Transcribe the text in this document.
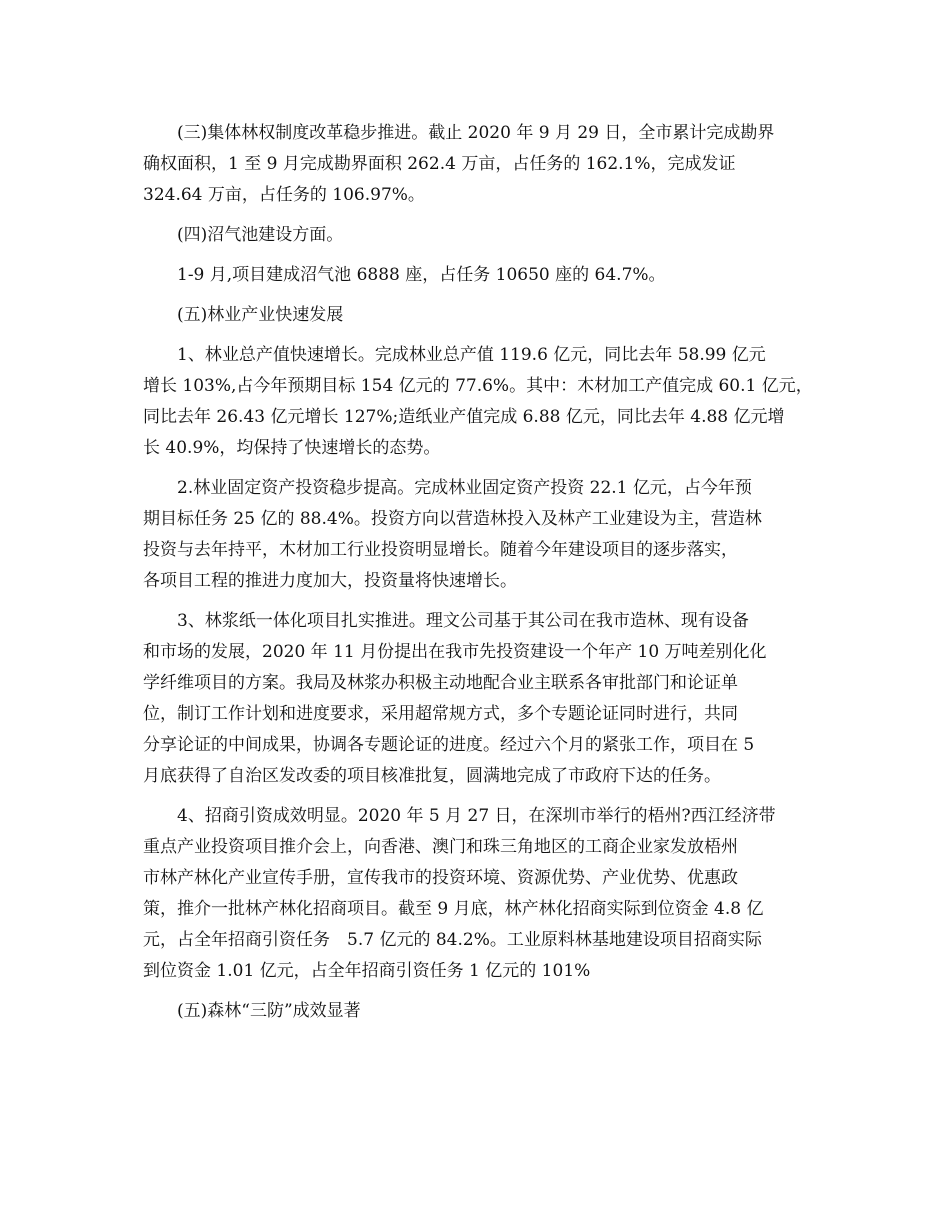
(三)集体林权制度改革稳步推进。截止 2020 年 9 月 29 日，全市累计完成勘界
确权面积，1 至 9 月完成勘界面积 262.4 万亩，占任务的 162.1%，完成发证
324.64 万亩，占任务的 106.97%。
(四)沼气池建设方面。
1-9 月,项目建成沼气池 6888 座，占任务 10650 座的 64.7%。
(五)林业产业快速发展
1、林业总产值快速增长。完成林业总产值 119.6 亿元，同比去年 58.99 亿元
增长 103%,占今年预期目标 154 亿元的 77.6%。其中：木材加工产值完成 60.1 亿元，
同比去年 26.43 亿元增长 127%;造纸业产值完成 6.88 亿元，同比去年 4.88 亿元增
长 40.9%，均保持了快速增长的态势。
2.林业固定资产投资稳步提高。完成林业固定资产投资 22.1 亿元，占今年预
期目标任务 25 亿的 88.4%。投资方向以营造林投入及林产工业建设为主，营造林
投资与去年持平，木材加工行业投资明显增长。随着今年建设项目的逐步落实，
各项目工程的推进力度加大，投资量将快速增长。
3、林浆纸一体化项目扎实推进。理文公司基于其公司在我市造林、现有设备
和市场的发展，2020 年 11 月份提出在我市先投资建设一个年产 10 万吨差别化化
学纤维项目的方案。我局及林浆办积极主动地配合业主联系各审批部门和论证单
位，制订工作计划和进度要求，采用超常规方式，多个专题论证同时进行，共同
分享论证的中间成果，协调各专题论证的进度。经过六个月的紧张工作，项目在 5
月底获得了自治区发改委的项目核准批复，圆满地完成了市政府下达的任务。
4、招商引资成效明显。2020 年 5 月 27 日，在深圳市举行的梧州?西江经济带
重点产业投资项目推介会上，向香港、澳门和珠三角地区的工商企业家发放梧州
市林产林化产业宣传手册，宣传我市的投资环境、资源优势、产业优势、优惠政
策，推介一批林产林化招商项目。截至 9 月底，林产林化招商实际到位资金 4.8 亿
元，占全年招商引资任务　5.7 亿元的 84.2%。工业原料林基地建设项目招商实际
到位资金 1.01 亿元，占全年招商引资任务 1 亿元的 101%
(五)森林“三防”成效显著
